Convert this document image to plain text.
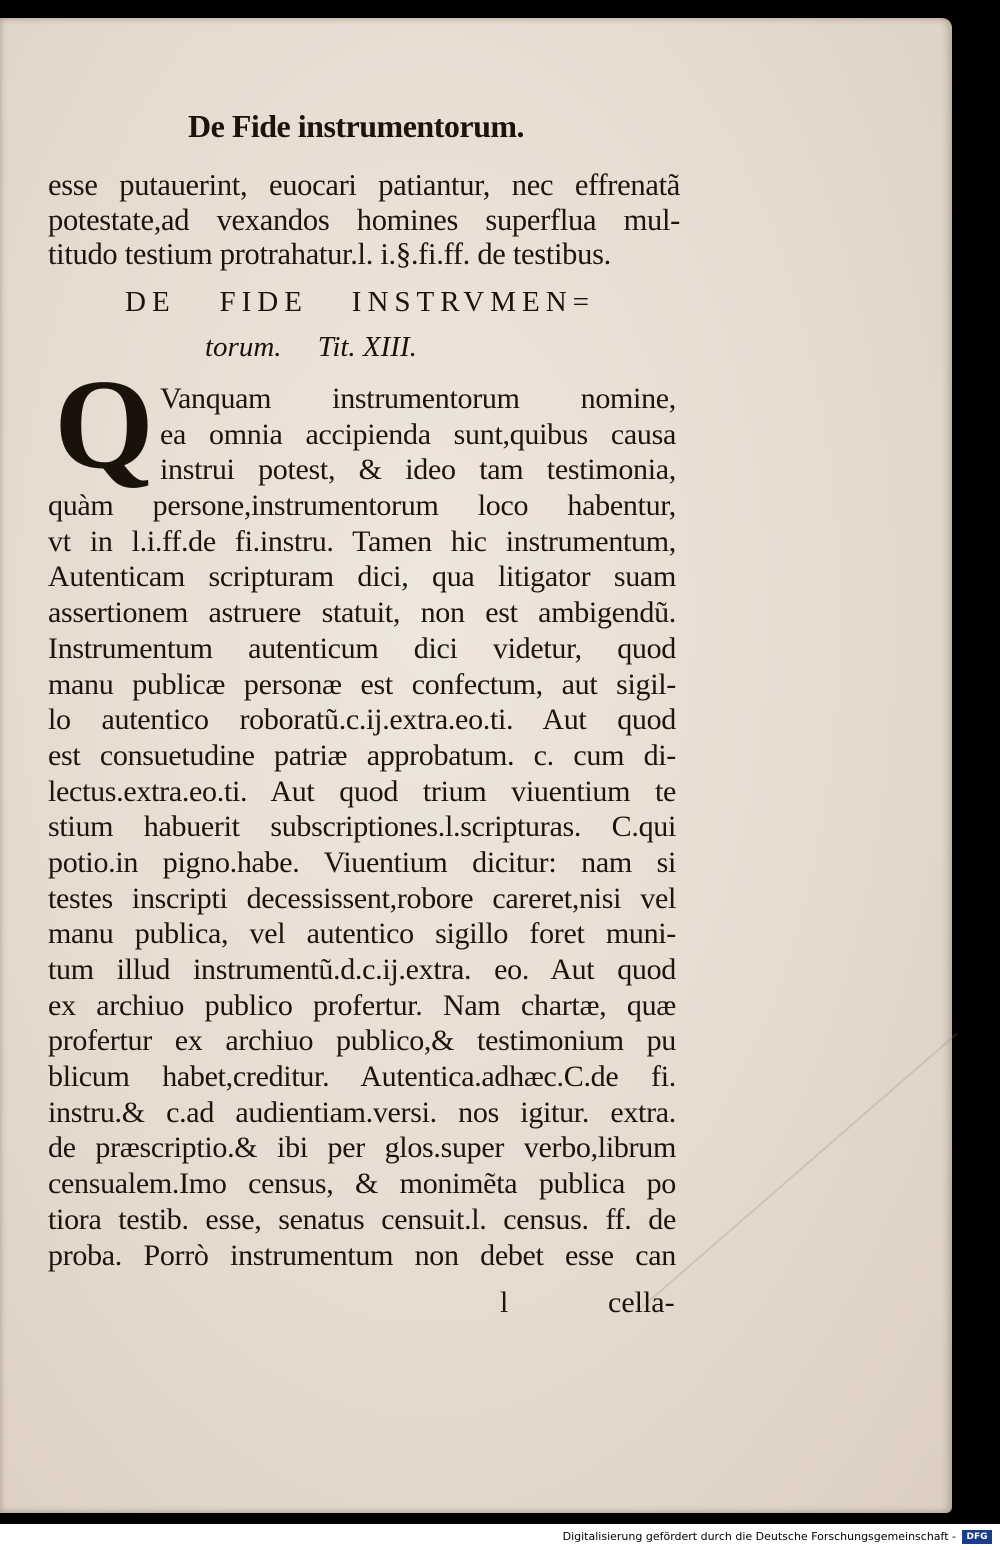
De Fide instrumentorum.
esse putauerint, euocari patiantur, nec effrenatã
potestate,ad vexandos homines superflua mul-
titudo testium protrahatur.l. i.§.fi.ff. de testibus.
DE FIDE INSTRVMEN=
torum.     Tit. XIII.
Q Vanquam instrumentorum nomine,
ea omnia accipienda sunt,quibus causa
instrui potest, & ideo tam testimonia,
quàm persone,instrumentorum loco habentur,
vt in l.i.ff.de fi.instru. Tamen hic instrumentum,
Autenticam scripturam dici, qua litigator suam
assertionem astruere statuit, non est ambigendũ.
Instrumentum autenticum dici videtur, quod
manu publicæ personæ est confectum, aut sigil-
lo autentico roboratũ.c.ij.extra.eo.ti. Aut quod
est consuetudine patriæ approbatum. c. cum di-
lectus.extra.eo.ti. Aut quod trium viuentium te
stium habuerit subscriptiones.l.scripturas. C.qui
potio.in pigno.habe. Viuentium dicitur: nam si
testes inscripti decessissent,robore careret,nisi vel
manu publica, vel autentico sigillo foret muni-
tum illud instrumentũ.d.c.ij.extra. eo. Aut quod
ex archiuo publico profertur. Nam chartæ, quæ
profertur ex archiuo publico,& testimonium pu
blicum habet,creditur. Autentica.adhæc.C.de fi.
instru.& c.ad audientiam.versi. nos igitur. extra.
de præscriptio.& ibi per glos.super verbo,librum
censualem.Imo census, & monimẽta publica po
tiora testib. esse, senatus censuit.l. census. ff. de
proba. Porrò instrumentum non debet esse can
l	cella-
Digitalisierung gefördert durch die Deutsche Forschungsgemeinschaft -	DFG
